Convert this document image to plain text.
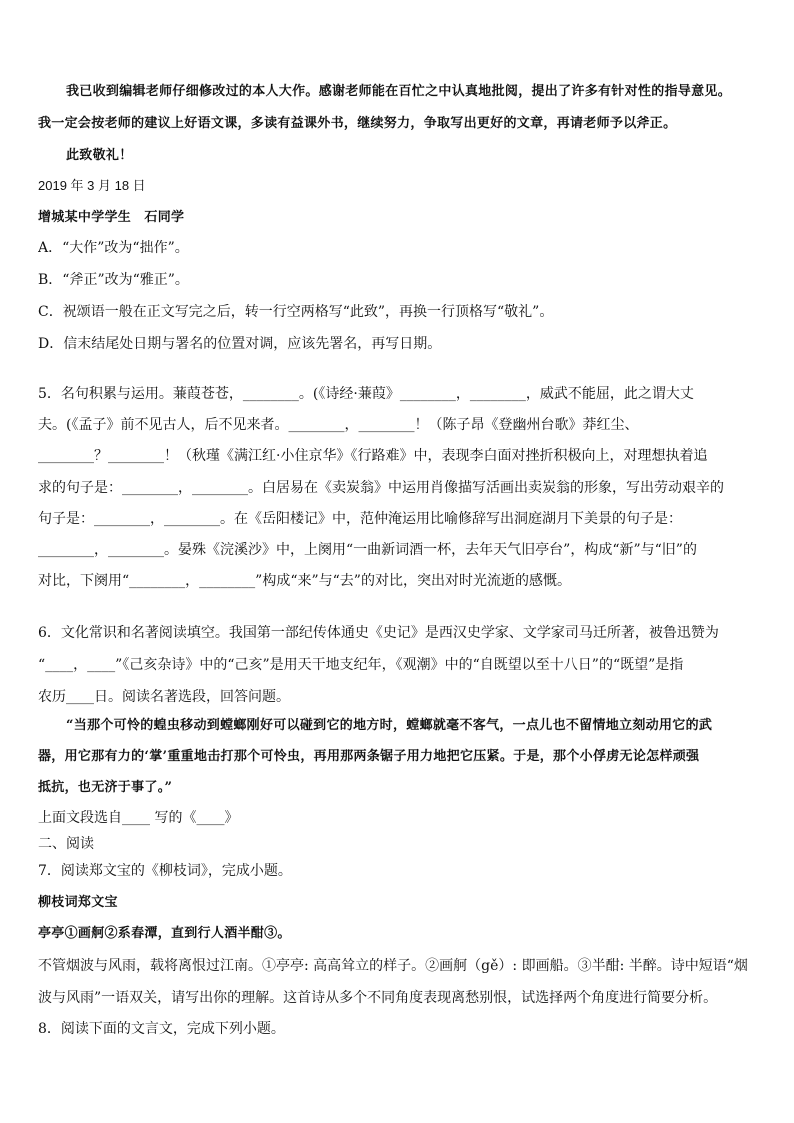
我已收到编辑老师仔细修改过的本人大作。感谢老师能在百忙之中认真地批阅，提出了许多有针对性的指导意见。
我一定会按老师的建议上好语文课，多读有益课外书，继续努力，争取写出更好的文章，再请老师予以斧正。
此致敬礼！
2019 年 3 月 18 日
增城某中学学生　石同学
A．“大作”改为“拙作”。
B．“斧正”改为“雅正”。
C．祝颂语一般在正文写完之后，转一行空两格写“此致”，再换一行顶格写“敬礼”。
D．信末结尾处日期与署名的位置对调，应该先署名，再写日期。
5．名句积累与运用。蒹葭苍苍，________。(《诗经·蒹葭》________，________，威武不能屈，此之谓大丈
夫。(《孟子》前不见古人，后不见来者。________，________！（陈子昂《登幽州台歌》莽红尘、
________？________！（秋瑾《满江红·小住京华》《行路难》中，表现李白面对挫折积极向上，对理想执着追
求的句子是：________，________。白居易在《卖炭翁》中运用肖像描写活画出卖炭翁的形象，写出劳动艰辛的
句子是：________，________。在《岳阳楼记》中，范仲淹运用比喻修辞写出洞庭湖月下美景的句子是：
________，________。晏殊《浣溪沙》中，上阕用“一曲新词酒一杯，去年天气旧亭台”，构成“新”与“旧”的
对比，下阕用“________，________”构成“来”与“去”的对比，突出对时光流逝的感慨。
6．文化常识和名著阅读填空。我国第一部纪传体通史《史记》是西汉史学家、文学家司马迁所著，被鲁迅赞为
“____，____”《己亥杂诗》中的“己亥”是用天干地支纪年，《观潮》中的“自既望以至十八日”的“既望”是指
农历____日。阅读名著选段，回答问题。
“当那个可怜的蝗虫移动到螳螂刚好可以碰到它的地方时，螳螂就毫不客气，一点儿也不留情地立刻动用它的武
器，用它那有力的‘掌’重重地击打那个可怜虫，再用那两条锯子用力地把它压紧。于是，那个小俘虏无论怎样顽强
抵抗，也无济于事了。”
上面文段选自____ 写的《____》
二、阅读
7．阅读郑文宝的《柳枝词》，完成小题。
柳枝词郑文宝
亭亭①画舸②系春潭，直到行人酒半酣③。
不管烟波与风雨，载将离恨过江南。①亭亭: 高高耸立的样子。②画舸（gě）: 即画船。③半酣: 半醉。诗中短语“烟
波与风雨”一语双关，请写出你的理解。这首诗从多个不同角度表现离愁别恨，试选择两个角度进行简要分析。
8．阅读下面的文言文，完成下列小题。
